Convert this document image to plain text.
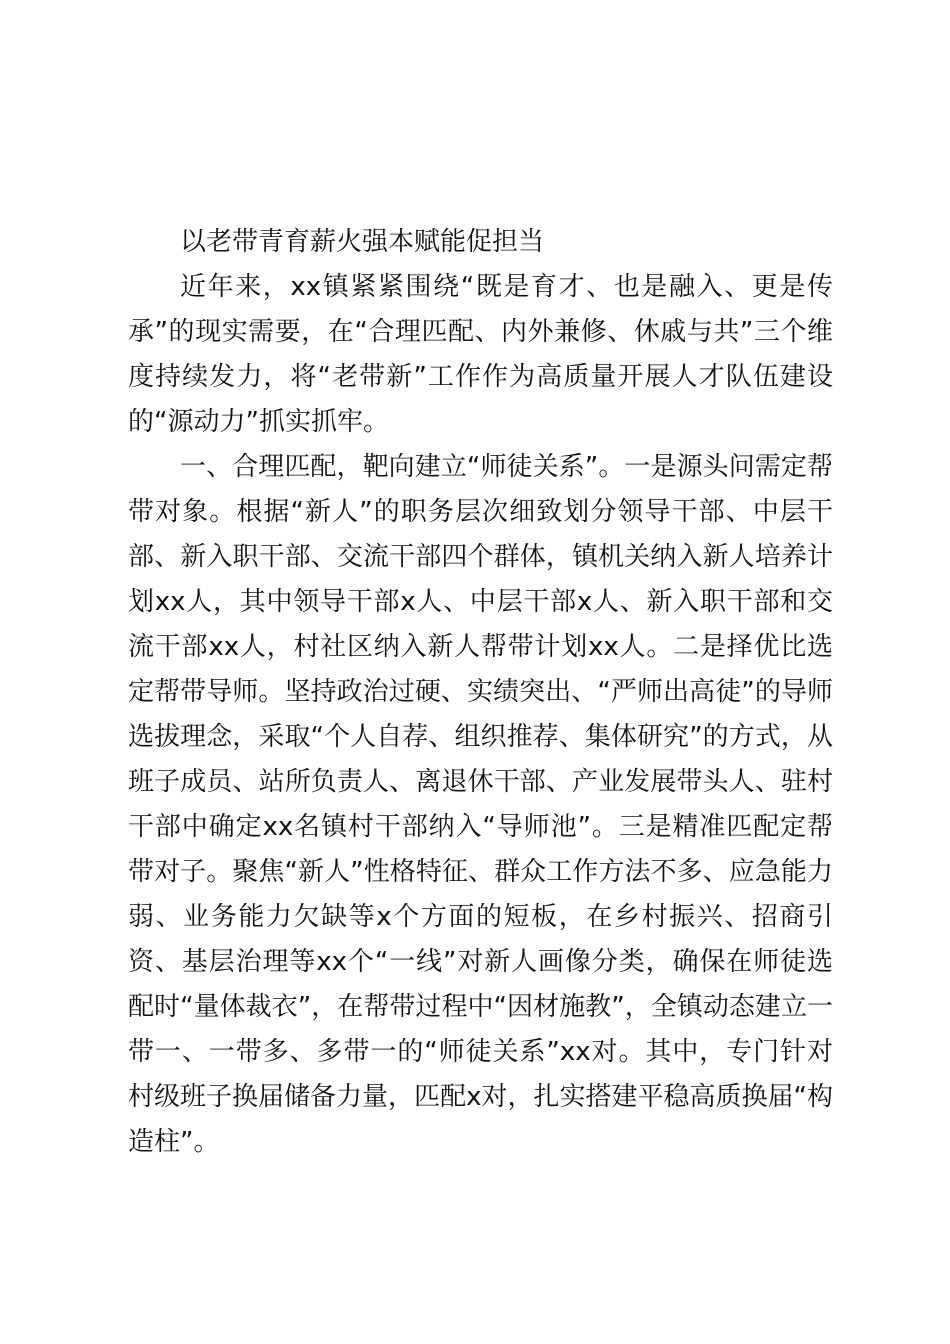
以老带青育薪火强本赋能促担当

近年来，xx镇紧紧围绕“既是育才、也是融入、更是传承”的现实需要，在“合理匹配、内外兼修、休戚与共”三个维度持续发力，将“老带新”工作作为高质量开展人才队伍建设的“源动力”抓实抓牢。

一、合理匹配，靶向建立“师徒关系”。一是源头问需定帮带对象。根据“新人”的职务层次细致划分领导干部、中层干部、新入职干部、交流干部四个群体，镇机关纳入新人培养计划xx人，其中领导干部x人、中层干部x人、新入职干部和交流干部xx人，村社区纳入新人帮带计划xx人。二是择优比选定帮带导师。坚持政治过硬、实绩突出、“严师出高徒”的导师选拔理念，采取“个人自荐、组织推荐、集体研究”的方式，从班子成员、站所负责人、离退休干部、产业发展带头人、驻村干部中确定xx名镇村干部纳入“导师池”。三是精准匹配定帮带对子。聚焦“新人”性格特征、群众工作方法不多、应急能力弱、业务能力欠缺等x个方面的短板，在乡村振兴、招商引资、基层治理等xx个“一线”对新人画像分类，确保在师徒选配时“量体裁衣”，在帮带过程中“因材施教”，全镇动态建立一带一、一带多、多带一的“师徒关系”xx对。其中，专门针对村级班子换届储备力量，匹配x对，扎实搭建平稳高质换届“构造柱”。
